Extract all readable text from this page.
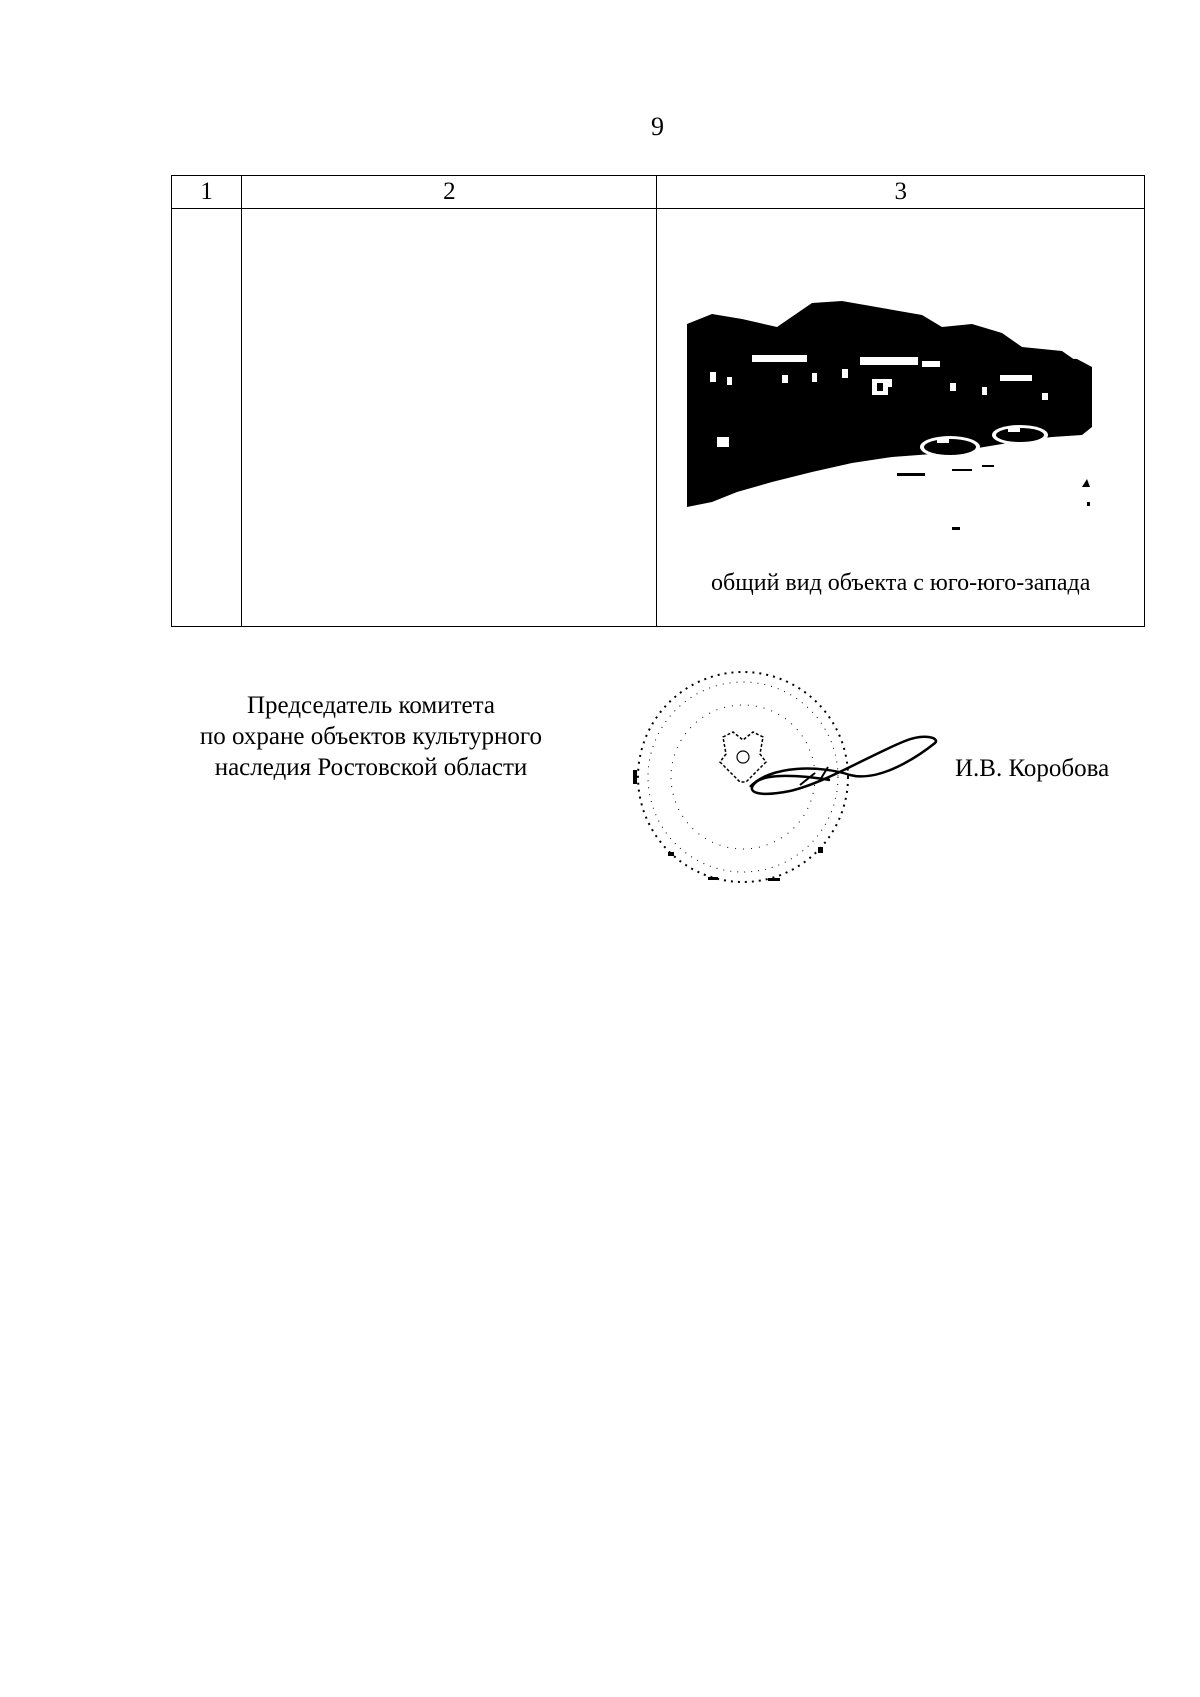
9
1	2	3

		общий вид объекта с юго-юго-запада
Председатель комитета
по охране объектов культурного
наследия Ростовской области	И.В. Коробова
